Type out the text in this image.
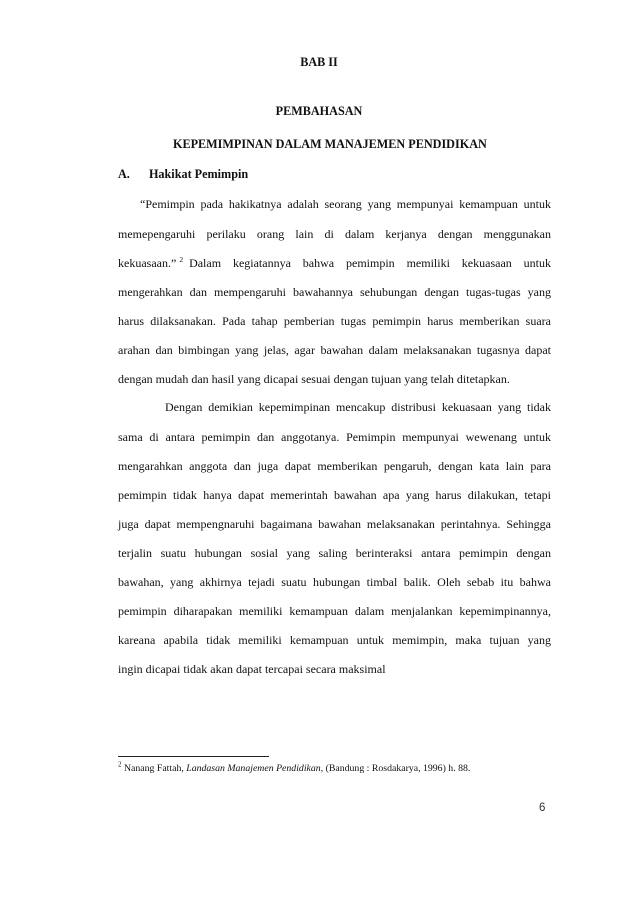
BAB II
PEMBAHASAN
KEPEMIMPINAN DALAM MANAJEMEN PENDIDIKAN
A. Hakikat Pemimpin
“Pemimpin pada hakikatnya adalah seorang yang mempunyai kemampuan untuk
memepengaruhi perilaku orang lain di dalam kerjanya dengan menggunakan
kekuasaan.” $^2$ Dalam kegiatannya bahwa pemimpin memiliki kekuasaan untuk
mengerahkan dan mempengaruhi bawahannya sehubungan dengan tugas-tugas yang
harus dilaksanakan. Pada tahap pemberian tugas pemimpin harus memberikan suara
arahan dan bimbingan yang jelas, agar bawahan dalam melaksanakan tugasnya dapat
dengan mudah dan hasil yang dicapai sesuai dengan tujuan yang telah ditetapkan.
Dengan demikian kepemimpinan mencakup distribusi kekuasaan yang tidak
sama di antara pemimpin dan anggotanya. Pemimpin mempunyai wewenang untuk
mengarahkan anggota dan juga dapat memberikan pengaruh, dengan kata lain para
pemimpin tidak hanya dapat memerintah bawahan apa yang harus dilakukan, tetapi
juga dapat mempengnaruhi bagaimana bawahan melaksanakan perintahnya. Sehingga
terjalin suatu hubungan sosial yang saling berinteraksi antara pemimpin dengan
bawahan, yang akhirnya tejadi suatu hubungan timbal balik. Oleh sebab itu bahwa
pemimpin diharapakan memiliki kemampuan dalam menjalankan kepemimpinannya,
kareana apabila tidak memiliki kemampuan untuk memimpin, maka tujuan yang
ingin dicapai tidak akan dapat tercapai secara maksimal
$^2$ Nanang Fattah, Landasan Manajemen Pendidikan, (Bandung : Rosdakarya, 1996) h. 88.
6
